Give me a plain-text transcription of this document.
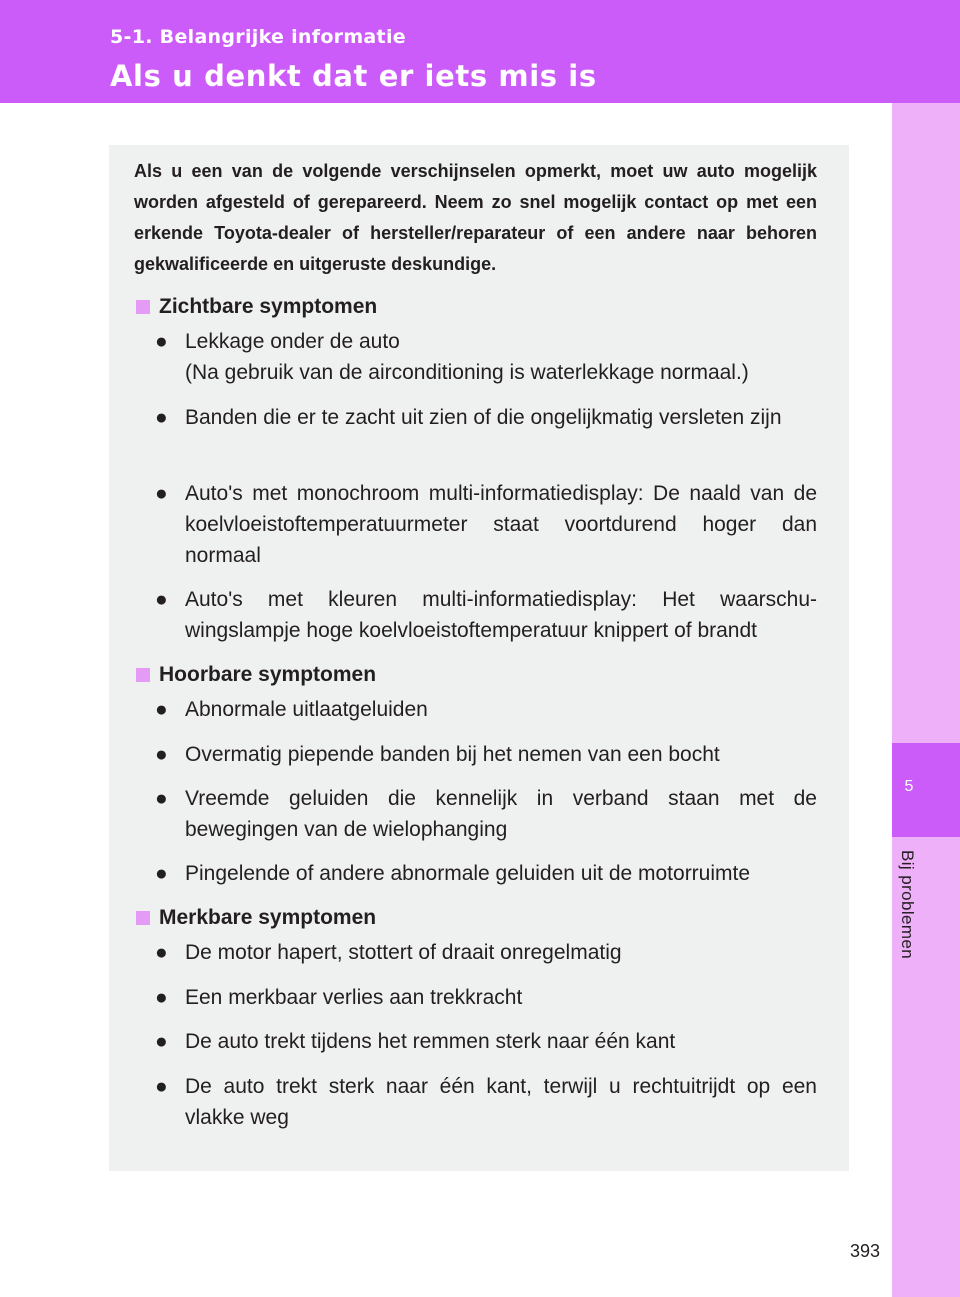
5-1. Belangrijke informatie
Als u denkt dat er iets mis is
5
Bij problemen
393

Als u een van de volgende verschijnselen opmerkt, moet uw auto mogelijk worden afgesteld of gerepareerd. Neem zo snel mogelijk contact op met een erkende Toyota-dealer of hersteller/reparateur of een andere naar behoren gekwalificeerde en uitgeruste deskundige.

Zichtbare symptomen
● Lekkage onder de auto
(Na gebruik van de airconditioning is waterlekkage normaal.)
● Banden die er te zacht uit zien of die ongelijkmatig versleten zijn
● Auto's met monochroom multi-informatiedisplay: De naald van de koelvloeistoftemperatuurmeter staat voortdurend hoger dan normaal
● Auto's met kleuren multi-informatiedisplay: Het waarschu-wingslampje hoge koelvloeistoftemperatuur knippert of brandt
Hoorbare symptomen
● Abnormale uitlaatgeluiden
● Overmatig piepende banden bij het nemen van een bocht
● Vreemde geluiden die kennelijk in verband staan met de bewegingen van de wielophanging
● Pingelende of andere abnormale geluiden uit de motorruimte
Merkbare symptomen
● De motor hapert, stottert of draait onregelmatig
● Een merkbaar verlies aan trekkracht
● De auto trekt tijdens het remmen sterk naar één kant
● De auto trekt sterk naar één kant, terwijl u rechtuitrijdt op een vlakke weg
